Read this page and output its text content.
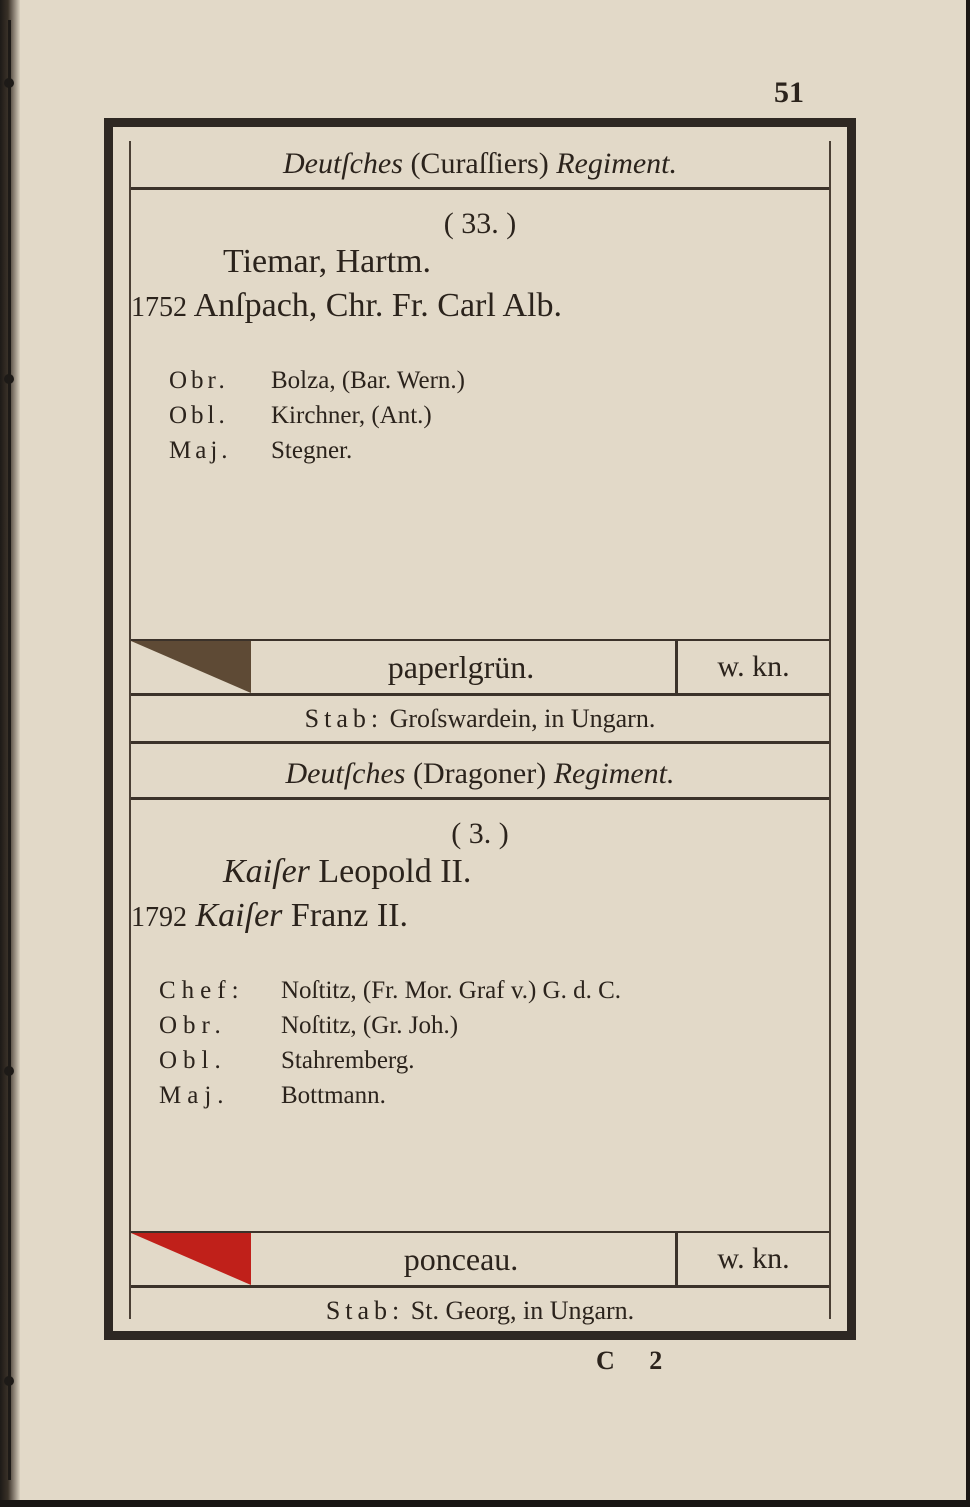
51
Deutſches (Curaſſiers) Regiment.
( 33. )
Tiemar, Hartm.
1752 Anſpach, Chr. Fr. Carl Alb.
Obr. Bolza, (Bar. Wern.)
Obl. Kirchner, (Ant.)
Maj. Stegner.
paperlgrün.	w. kn.
Stab: Groſswardein, in Ungarn.
Deutſches (Dragoner) Regiment.
( 3. )
Kaiſer Leopold II.
1792 Kaiſer Franz II.
Chef: Noſtitz, (Fr. Mor. Graf v.) G. d. C.
Obr. Noſtitz, (Gr. Joh.)
Obl. Stahremberg.
Maj. Bottmann.
ponceau.	w. kn.
Stab: St. Georg, in Ungarn.
C 2
